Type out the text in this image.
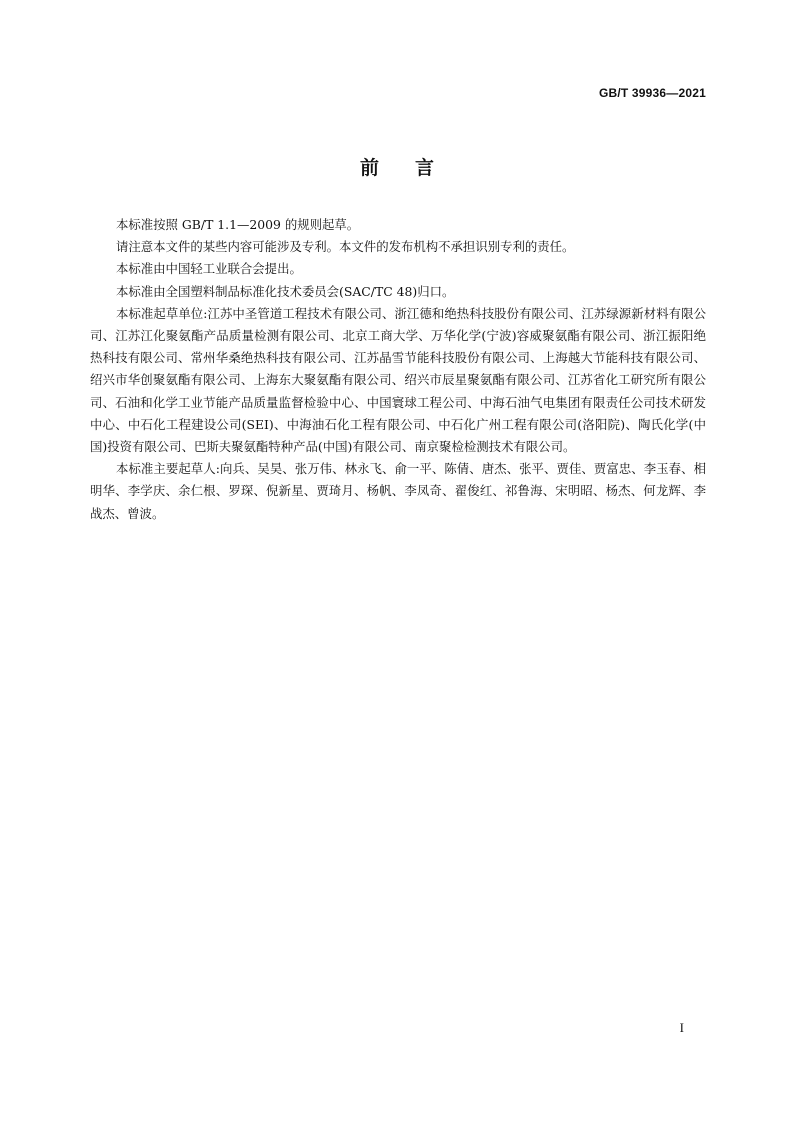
GB/T 39936—2021
前言

本标准按照 GB/T 1.1—2009 的规则起草。

请注意本文件的某些内容可能涉及专利。本文件的发布机构不承担识别专利的责任。

本标准由中国轻工业联合会提出。

本标准由全国塑料制品标准化技术委员会(SAC/TC 48)归口。

本标准起草单位:江苏中圣管道工程技术有限公司、浙江德和绝热科技股份有限公司、江苏绿源新材料有限公司、江苏江化聚氨酯产品质量检测有限公司、北京工商大学、万华化学(宁波)容威聚氨酯有限公司、浙江振阳绝热科技有限公司、常州华桑绝热科技有限公司、江苏晶雪节能科技股份有限公司、上海越大节能科技有限公司、绍兴市华创聚氨酯有限公司、上海东大聚氨酯有限公司、绍兴市辰星聚氨酯有限公司、江苏省化工研究所有限公司、石油和化学工业节能产品质量监督检验中心、中国寰球工程公司、中海石油气电集团有限责任公司技术研发中心、中石化工程建设公司(SEI)、中海油石化工程有限公司、中石化广州工程有限公司(洛阳院)、陶氏化学(中国)投资有限公司、巴斯夫聚氨酯特种产品(中国)有限公司、南京聚检检测技术有限公司。

本标准主要起草人:向兵、吴昊、张万伟、林永飞、俞一平、陈倩、唐杰、张平、贾佳、贾富忠、李玉春、相明华、李学庆、余仁根、罗琛、倪新星、贾琦月、杨帆、李凤奇、翟俊红、祁鲁海、宋明昭、杨杰、何龙辉、李战杰、曾波。

I
